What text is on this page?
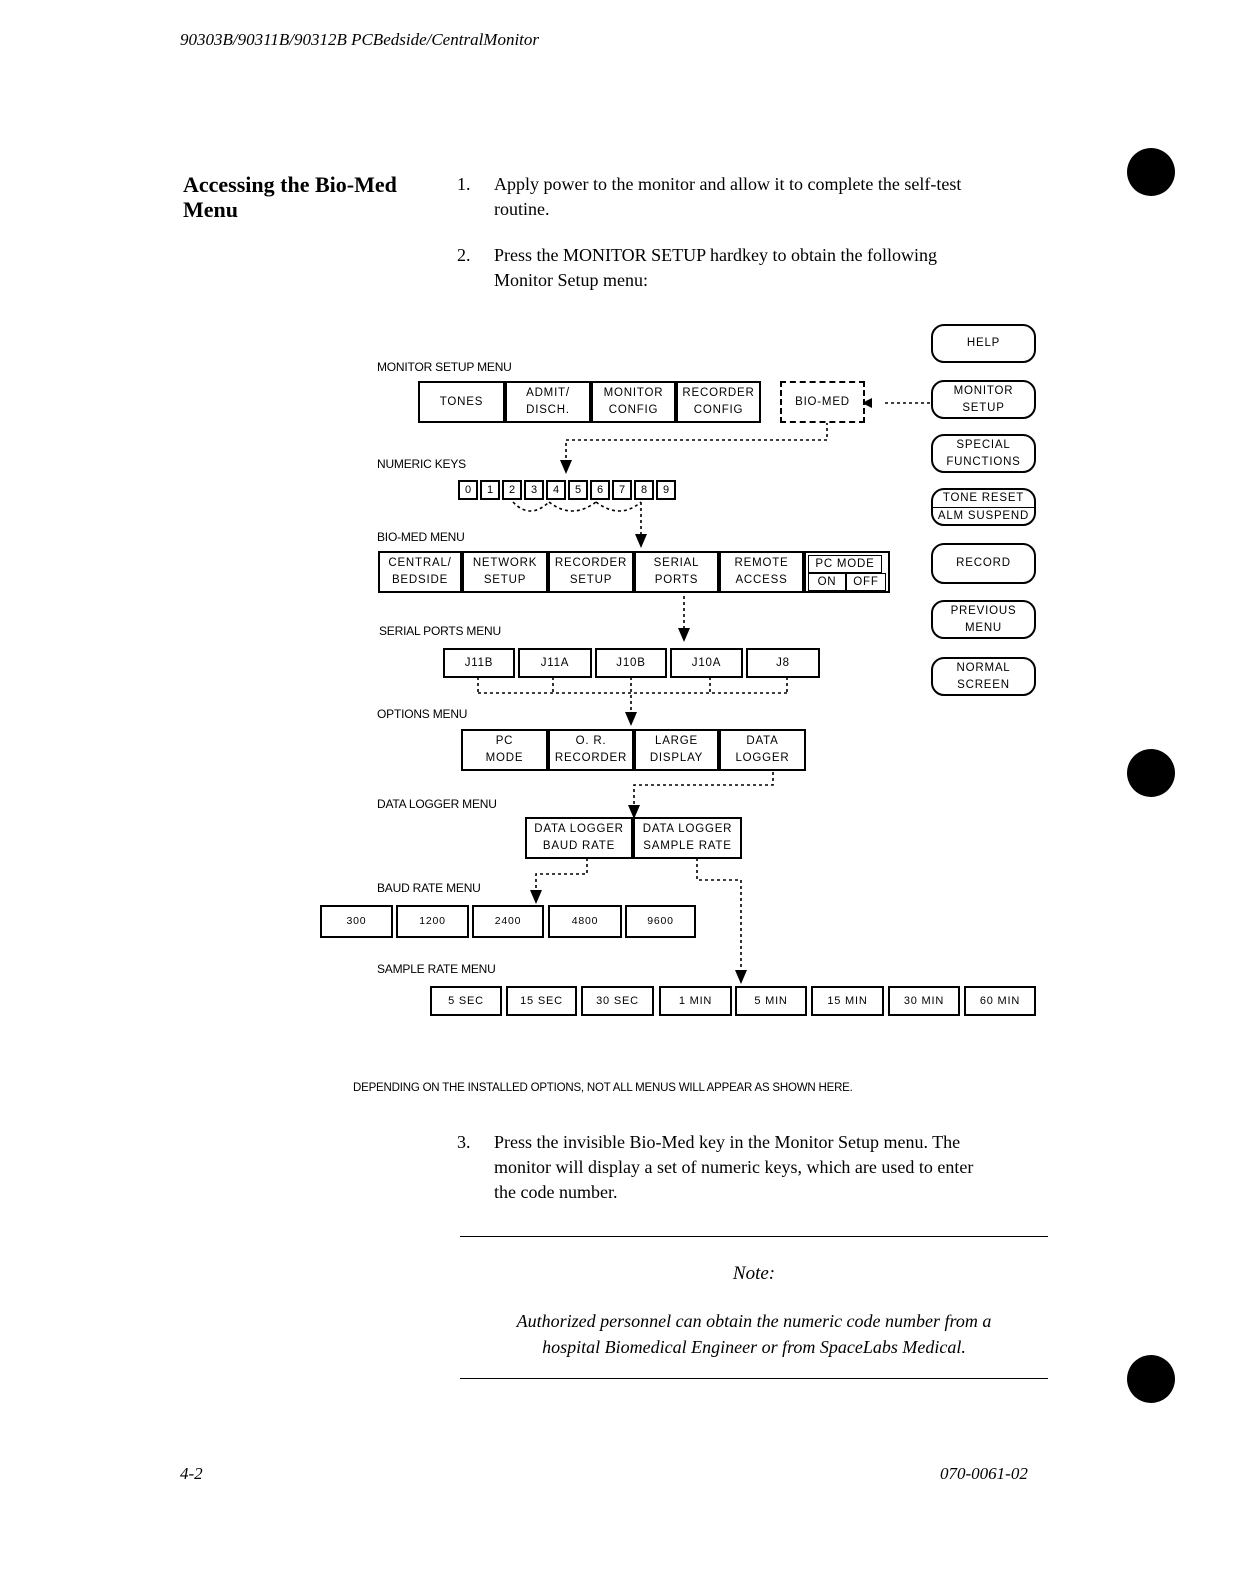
90303B/90311B/90312B PCBedside/CentralMonitor
Accessing the Bio-Med Menu
1. Apply power to the monitor and allow it to complete the self-test
routine.
2. Press the MONITOR SETUP hardkey to obtain the following
Monitor Setup menu:
MONITOR SETUP MENU
TONES
ADMIT/ DISCH.
MONITOR CONFIG
RECORDER CONFIG
BIO-MED
NUMERIC KEYS
0	1	2	3	4	5	6	7	8	9
BIO-MED MENU
CENTRAL/ BEDSIDE
NETWORK SETUP
RECORDER SETUP
SERIAL PORTS
REMOTE ACCESS
PC MODE
ON	OFF
SERIAL PORTS MENU
J11B	J11A	J10B	J10A	J8
OPTIONS MENU
PC MODE
O. R. RECORDER
LARGE DISPLAY
DATA LOGGER
DATA LOGGER MENU
DATA LOGGER BAUD RATE
DATA LOGGER SAMPLE RATE
BAUD RATE MENU
300	1200	2400	4800	9600
SAMPLE RATE MENU
5 SEC	15 SEC	30 SEC	1 MIN	5 MIN	15 MIN	30 MIN	60 MIN
HELP
MONITOR SETUP
SPECIAL FUNCTIONS
TONE RESET
ALM SUSPEND
RECORD
PREVIOUS MENU
NORMAL SCREEN
DEPENDING ON THE INSTALLED OPTIONS, NOT ALL MENUS WILL APPEAR AS SHOWN HERE.
3. Press the invisible Bio-Med key in the Monitor Setup menu. The
monitor will display a set of numeric keys, which are used to enter
the code number.
Note:
Authorized personnel can obtain the numeric code number from a
hospital Biomedical Engineer or from SpaceLabs Medical.
4-2	070-0061-02
